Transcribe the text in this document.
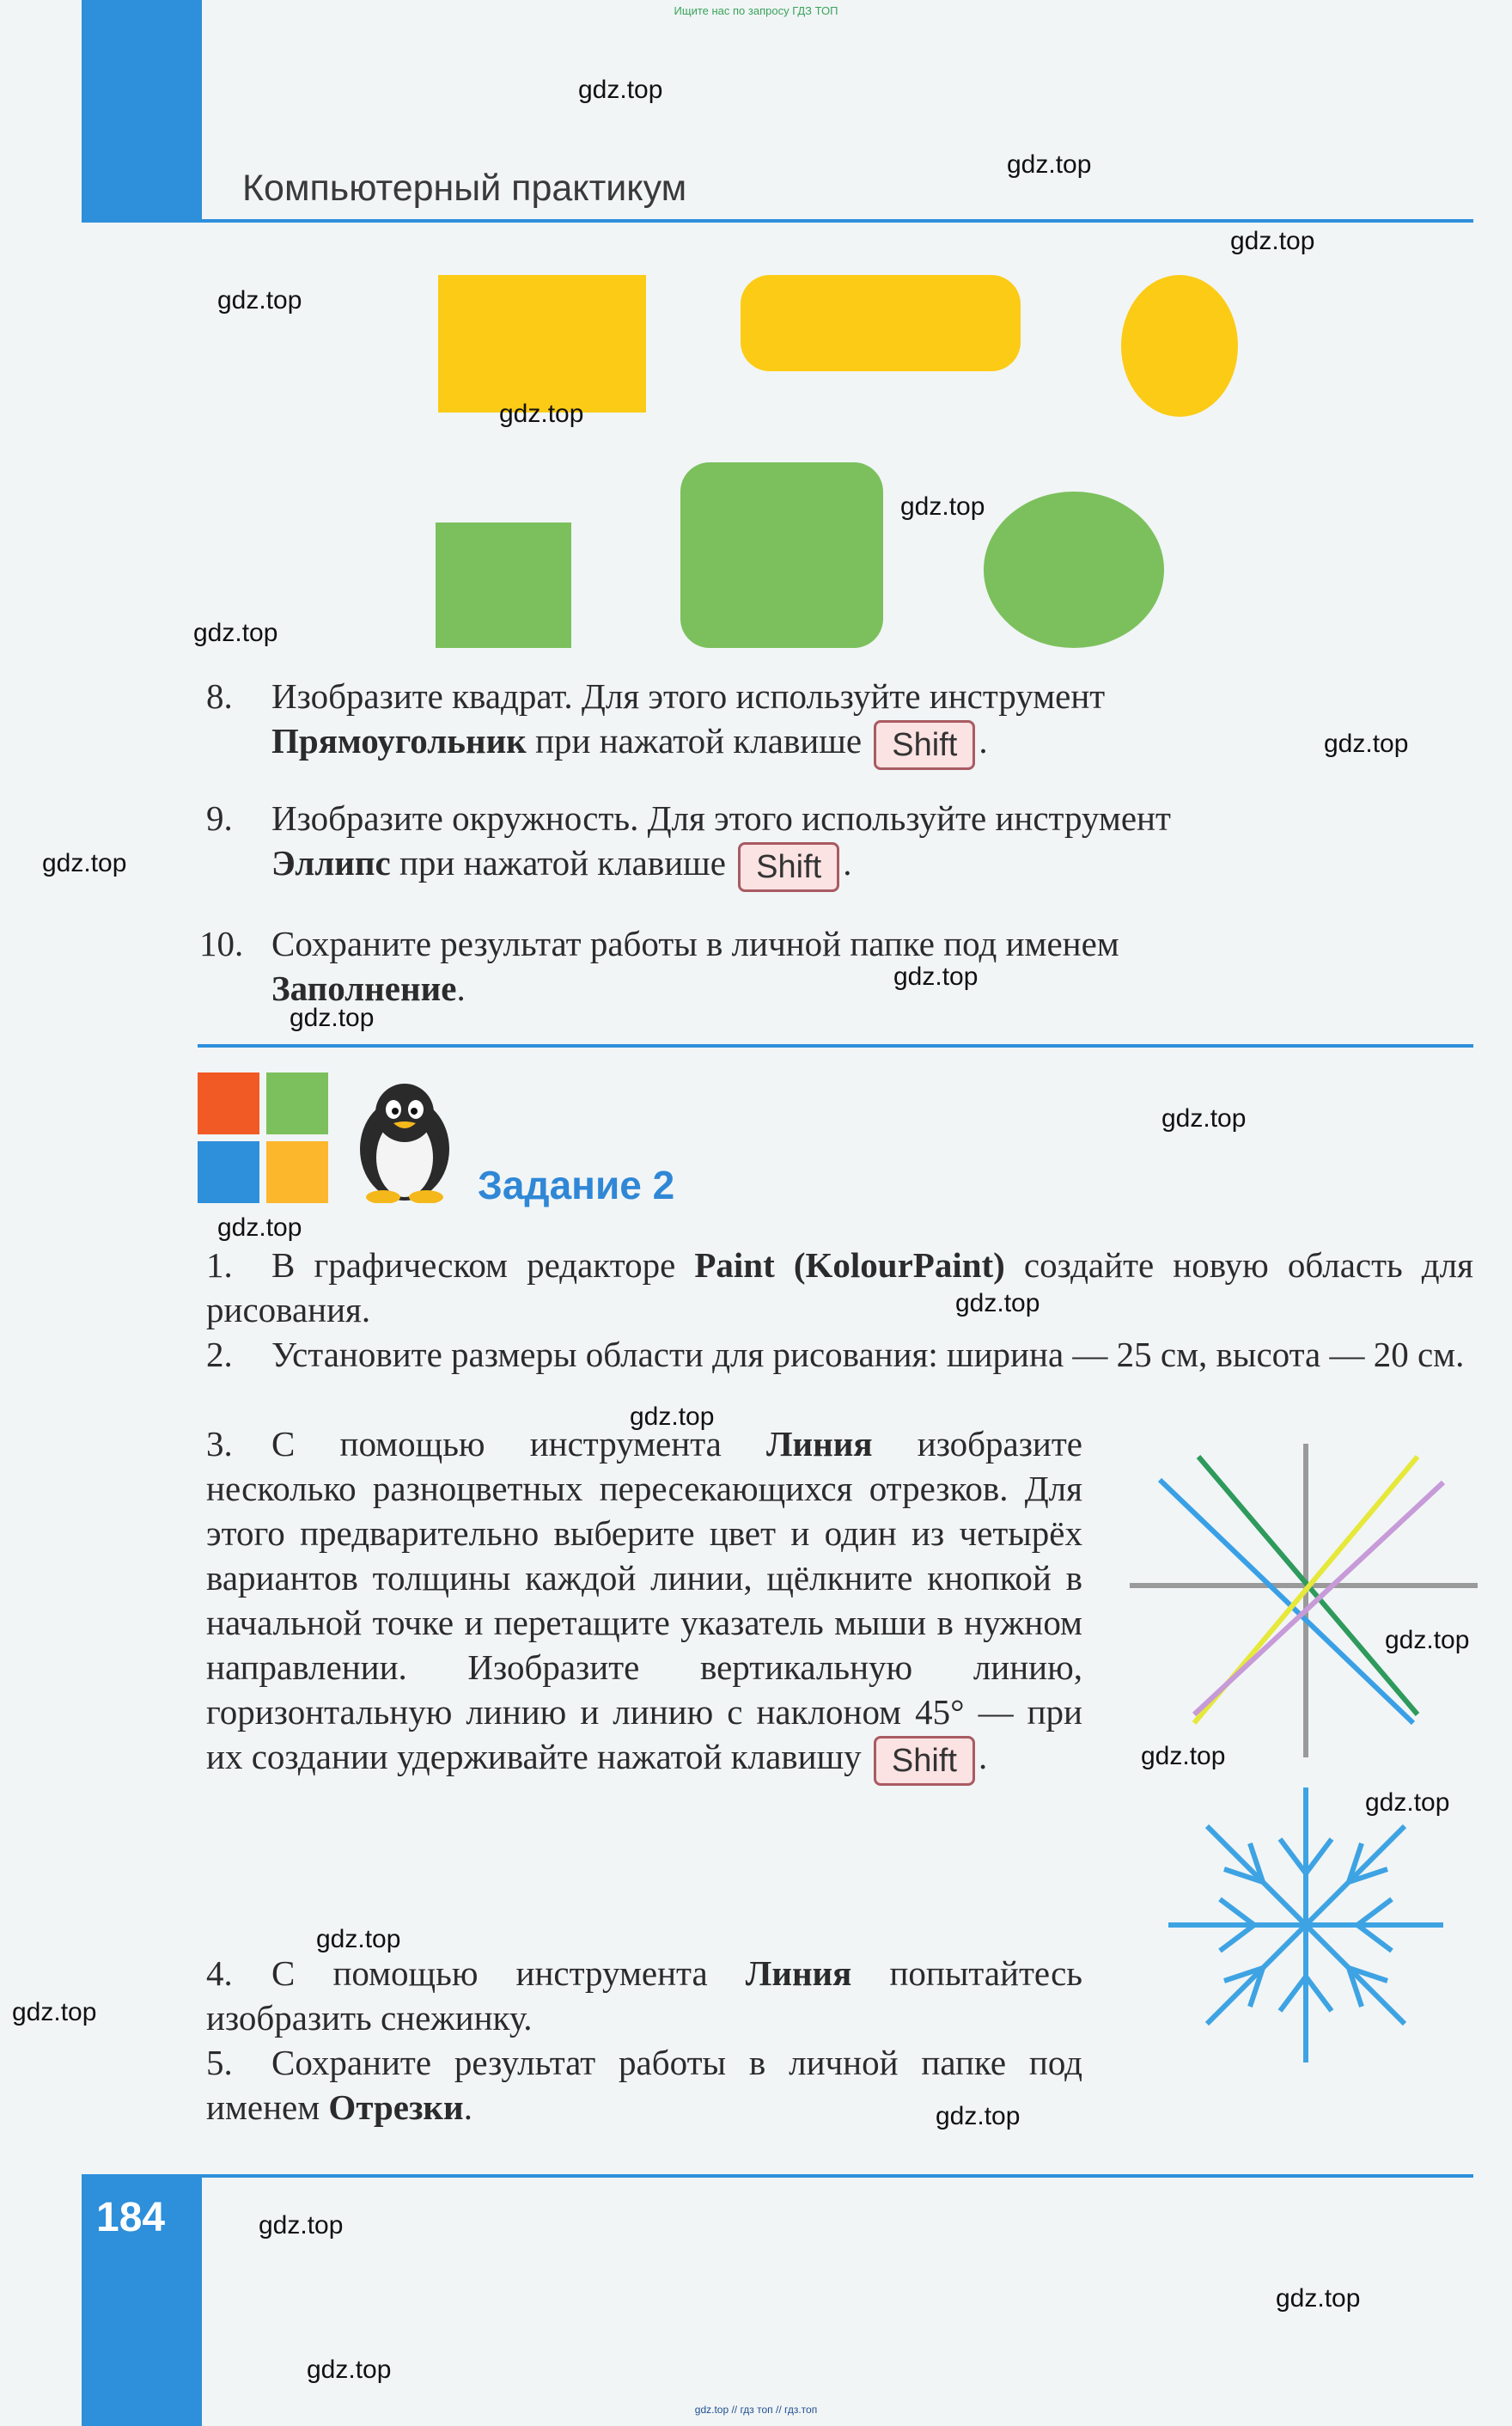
Ищите нас по запросу ГДЗ ТОП
Компьютерный практикум
8. Изобразите квадрат. Для этого используйте инструмент
Прямоугольник при нажатой клавише Shift .
9. Изобразите окружность. Для этого используйте инструмент
Эллипс при нажатой клавише Shift .
10. Сохраните результат работы в личной папке под именем
Заполнение.
Задание 2
1. В графическом редакторе Paint (KolourPaint) создайте новую область для рисования.
2. Установите размеры области для рисования: ширина — 25 см, высота — 20 см.
3. С помощью инструмента Линия изобразите несколько разноцветных пересекающихся отрезков. Для этого предварительно выберите цвет и один из четырёх вариантов толщины каждой линии, щёлкните кнопкой в начальной точке и перетащите указатель мыши в нужном направлении. Изобразите вертикальную линию, горизонтальную линию и линию с наклоном 45° — при их создании удерживайте нажатой клавишу Shift .
4. С помощью инструмента Линия попытайтесь изобразить снежинку.
5. Сохраните результат работы в личной папке под именем Отрезки.
184
gdz.top // гдз топ // гдз.топ
gdz.top
gdz.top
gdz.top
gdz.top
gdz.top
gdz.top
gdz.top
gdz.top
gdz.top
gdz.top
gdz.top
gdz.top
gdz.top
gdz.top
gdz.top
gdz.top
gdz.top
gdz.top
gdz.top
gdz.top
gdz.top
gdz.top
gdz.top
gdz.top
